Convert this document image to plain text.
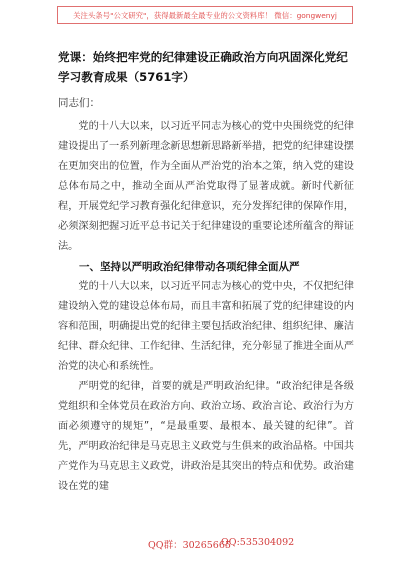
关注头条号"公文研究"，获得最新最全最专业的公文资料库！ 微信：gongwenyj
党课：始终把牢党的纪律建设正确政治方向巩固深化党纪学习教育成果（5761字）
同志们：

党的十八大以来，以习近平同志为核心的党中央围绕党的纪律建设提出了一系列新理念新思想新思路新举措，把党的纪律建设摆在更加突出的位置，作为全面从严治党的治本之策，纳入党的建设总体布局之中，推动全面从严治党取得了显著成就。新时代新征程，开展党纪学习教育强化纪律意识，充分发挥纪律的保障作用，必须深刻把握习近平总书记关于纪律建设的重要论述所蕴含的辩证法。

一、坚持以严明政治纪律带动各项纪律全面从严

党的十八大以来，以习近平同志为核心的党中央，不仅把纪律建设纳入党的建设总体布局，而且丰富和拓展了党的纪律建设的内容和范围，明确提出党的纪律主要包括政治纪律、组织纪律、廉洁纪律、群众纪律、工作纪律、生活纪律，充分彰显了推进全面从严治党的决心和系统性。

严明党的纪律，首要的就是严明政治纪律。“政治纪律是各级党组织和全体党员在政治方向、政治立场、政治言论、政治行为方面必须遵守的规矩”，“是最重要、最根本、最关键的纪律”。首先，严明政治纪律是马克思主义政党与生俱来的政治品格。中国共产党作为马克思主义政党，讲政治是其突出的特点和优势。政治建设在党的建

QQ群：30265665
QQ:535304092
